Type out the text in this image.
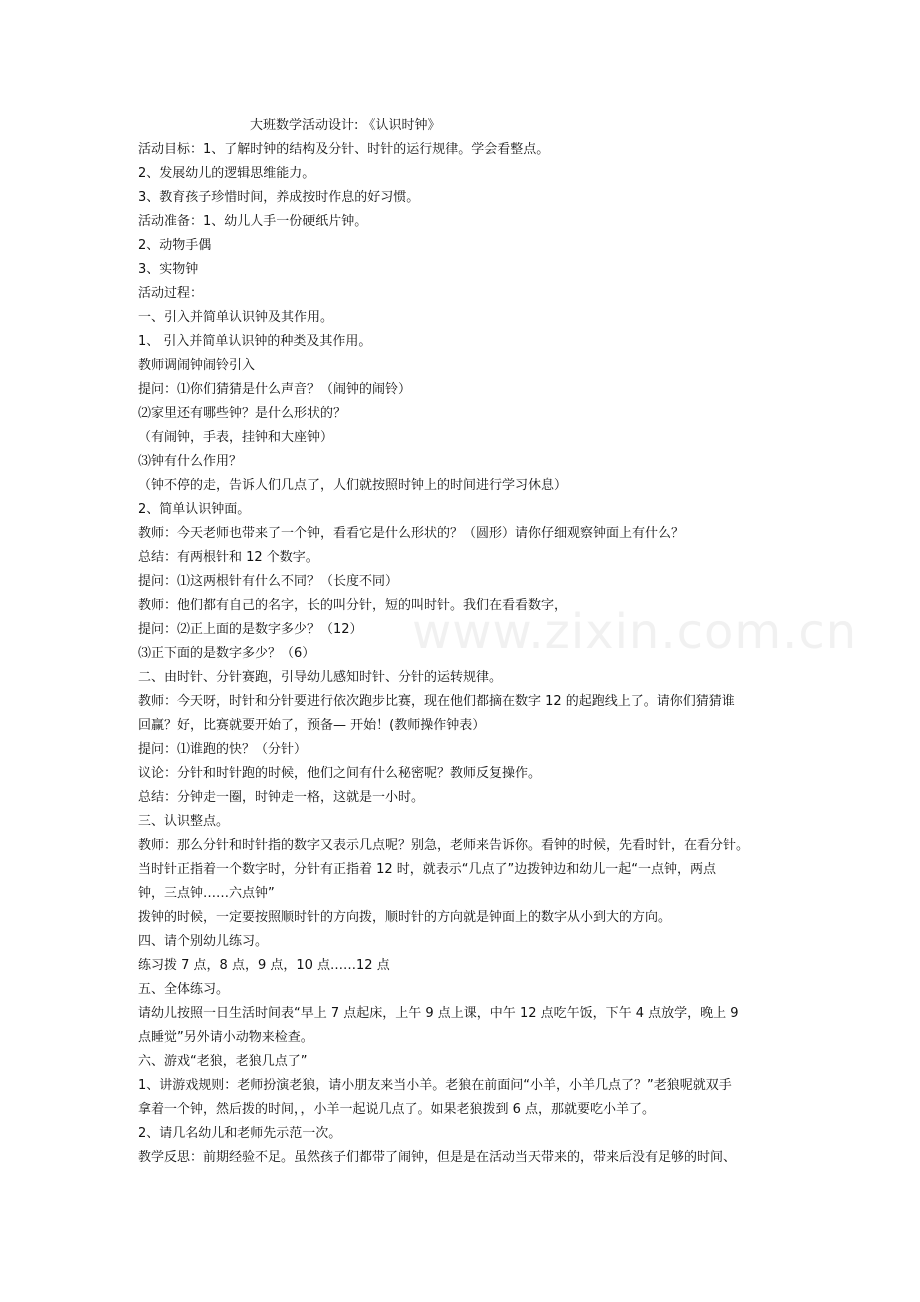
大班数学活动设计: 《认识时钟》
活动目标：1、了解时钟的结构及分针、时针的运行规律。学会看整点。
2、发展幼儿的逻辑思维能力。
3、教育孩子珍惜时间，养成按时作息的好习惯。
活动准备：1、幼儿人手一份硬纸片钟。
2、动物手偶
3、实物钟
活动过程：
一、引入并简单认识钟及其作用。
1、 引入并简单认识钟的种类及其作用。
教师调闹钟闹铃引入
提问：⑴你们猜猜是什么声音？（闹钟的闹铃）
⑵家里还有哪些钟？是什么形状的？
（有闹钟，手表，挂钟和大座钟）
⑶钟有什么作用？
（钟不停的走，告诉人们几点了，人们就按照时钟上的时间进行学习休息）
2、简单认识钟面。
教师：今天老师也带来了一个钟，看看它是什么形状的？（圆形）请你仔细观察钟面上有什么？
总结：有两根针和 12 个数字。
提问：⑴这两根针有什么不同？（长度不同）
教师：他们都有自己的名字，长的叫分针，短的叫时针。我们在看看数字，
提问：⑵正上面的是数字多少？（12）
⑶正下面的是数字多少？（6）
二、由时针、分针赛跑，引导幼儿感知时针、分针的运转规律。
教师：今天呀，时针和分针要进行依次跑步比赛，现在他们都摘在数字 12 的起跑线上了。请你们猜猜谁
回赢？好，比赛就要开始了，预备— 开始！(教师操作钟表）
提问：⑴谁跑的快？（分针）
议论：分针和时针跑的时候，他们之间有什么秘密呢？教师反复操作。
总结：分钟走一圈，时钟走一格，这就是一小时。
三、认识整点。
教师：那么分针和时针指的数字又表示几点呢？别急，老师来告诉你。看钟的时候，先看时针，在看分针。
当时针正指着一个数字时，分针有正指着 12 时，就表示“几点了”边拨钟边和幼儿一起“一点钟，两点
钟，三点钟……六点钟”
拨钟的时候，一定要按照顺时针的方向拨，顺时针的方向就是钟面上的数字从小到大的方向。
四、请个别幼儿练习。
练习拨 7 点，8 点，9 点，10 点……12 点
五、全体练习。
请幼儿按照一日生活时间表“早上 7 点起床，上午 9 点上课，中午 12 点吃午饭，下午 4 点放学，晚上 9
点睡觉”另外请小动物来检查。
六、游戏“老狼，老狼几点了”
1、讲游戏规则：老师扮演老狼，请小朋友来当小羊。老狼在前面问“小羊，小羊几点了？”老狼呢就双手
拿着一个钟，然后拨的时间，，小羊一起说几点了。如果老狼拨到 6 点，那就要吃小羊了。
2、请几名幼儿和老师先示范一次。
教学反思：前期经验不足。虽然孩子们都带了闹钟，但是是在活动当天带来的，带来后没有足够的时间、
www.zixin.com.cn
